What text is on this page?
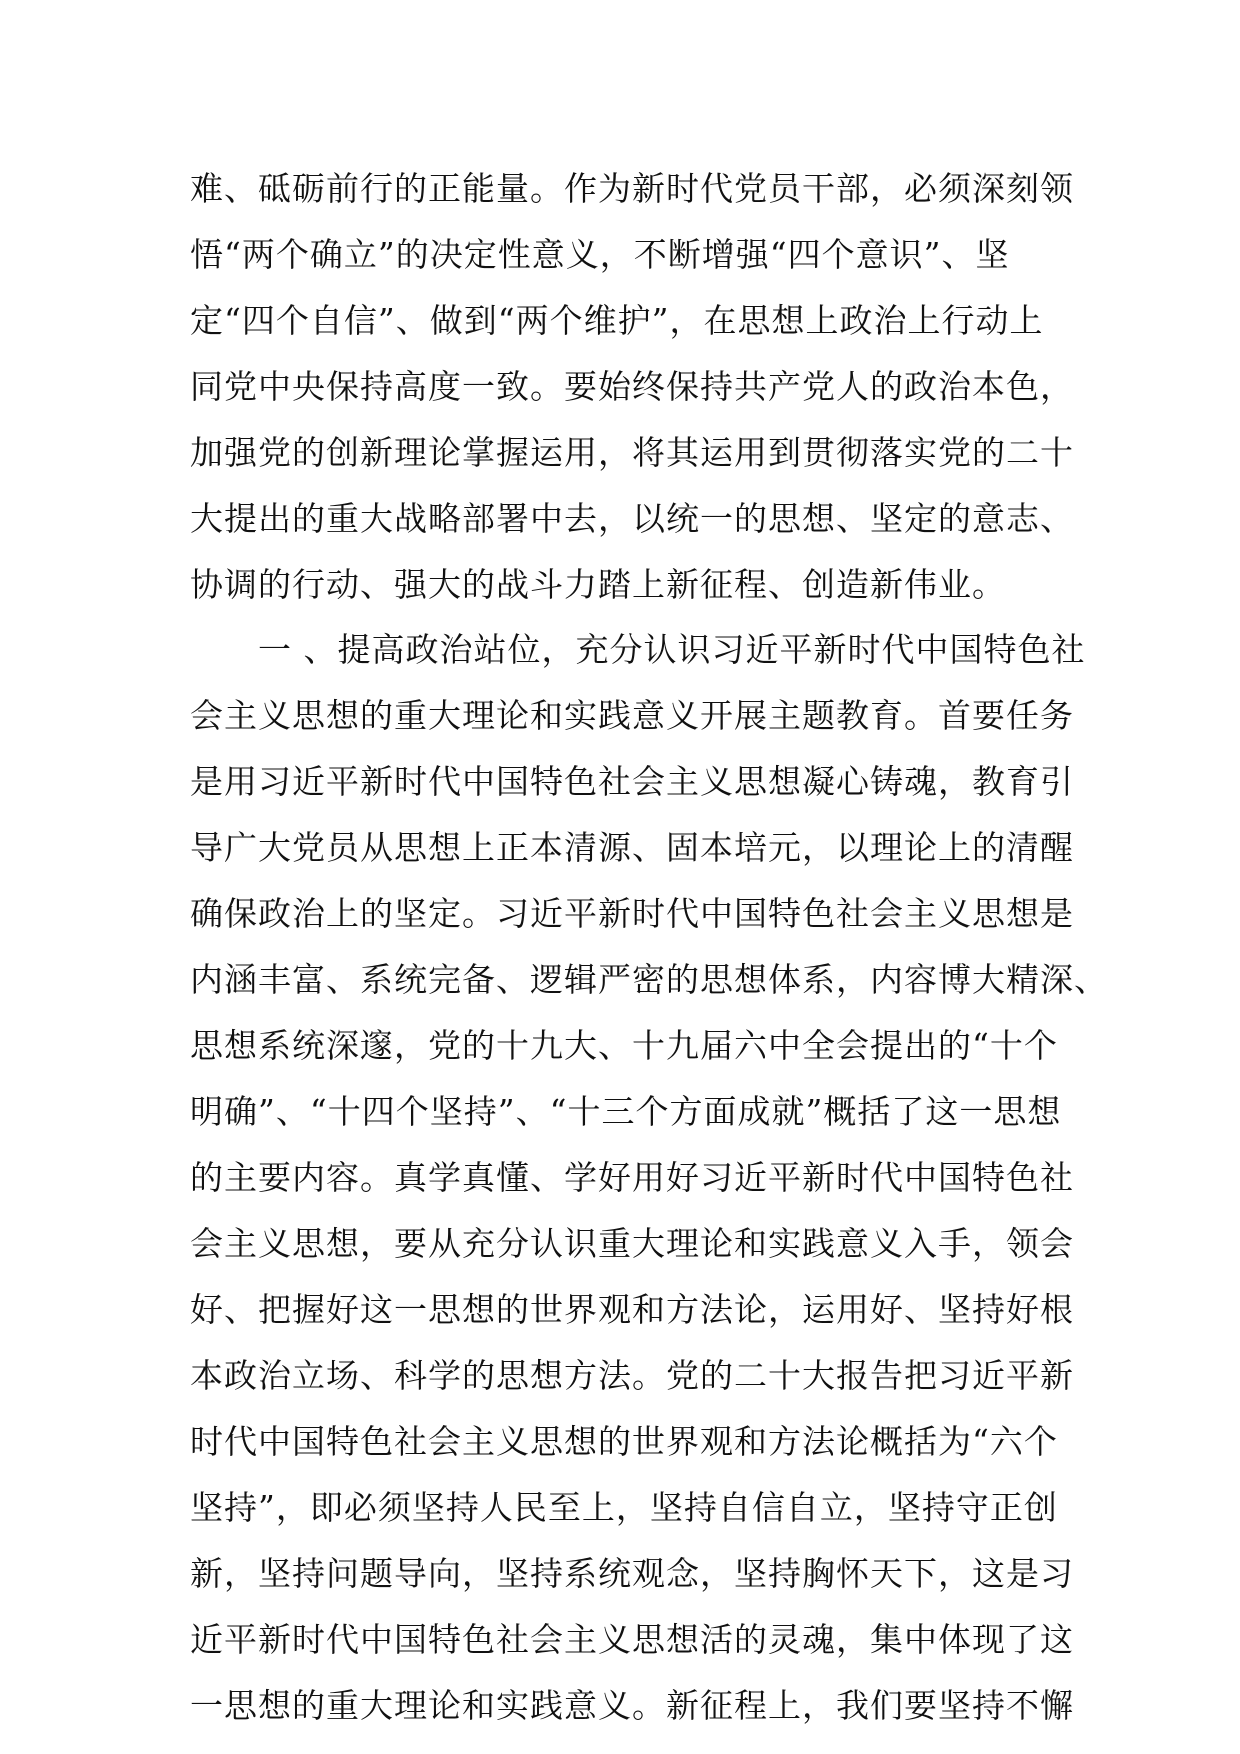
难、砥砺前行的正能量。作为新时代党员干部，必须深刻领
悟“两个确立”的决定性意义，不断增强“四个意识”、坚
定“四个自信”、做到“两个维护”，在思想上政治上行动上
同党中央保持高度一致。要始终保持共产党人的政治本色，
加强党的创新理论掌握运用，将其运用到贯彻落实党的二十
大提出的重大战略部署中去，以统一的思想、坚定的意志、
协调的行动、强大的战斗力踏上新征程、创造新伟业。
　　一 、提高政治站位，充分认识习近平新时代中国特色社
会主义思想的重大理论和实践意义开展主题教育。首要任务
是用习近平新时代中国特色社会主义思想凝心铸魂，教育引
导广大党员从思想上正本清源、固本培元，以理论上的清醒
确保政治上的坚定。习近平新时代中国特色社会主义思想是
内涵丰富、系统完备、逻辑严密的思想体系，内容博大精深、
思想系统深邃，党的十九大、十九届六中全会提出的“十个
明确”、“十四个坚持”、“十三个方面成就”概括了这一思想
的主要内容。真学真懂、学好用好习近平新时代中国特色社
会主义思想，要从充分认识重大理论和实践意义入手，领会
好、把握好这一思想的世界观和方法论，运用好、坚持好根
本政治立场、科学的思想方法。党的二十大报告把习近平新
时代中国特色社会主义思想的世界观和方法论概括为“六个
坚持”，即必须坚持人民至上，坚持自信自立，坚持守正创
新，坚持问题导向，坚持系统观念，坚持胸怀天下，这是习
近平新时代中国特色社会主义思想活的灵魂，集中体现了这
一思想的重大理论和实践意义。新征程上，我们要坚持不懈
